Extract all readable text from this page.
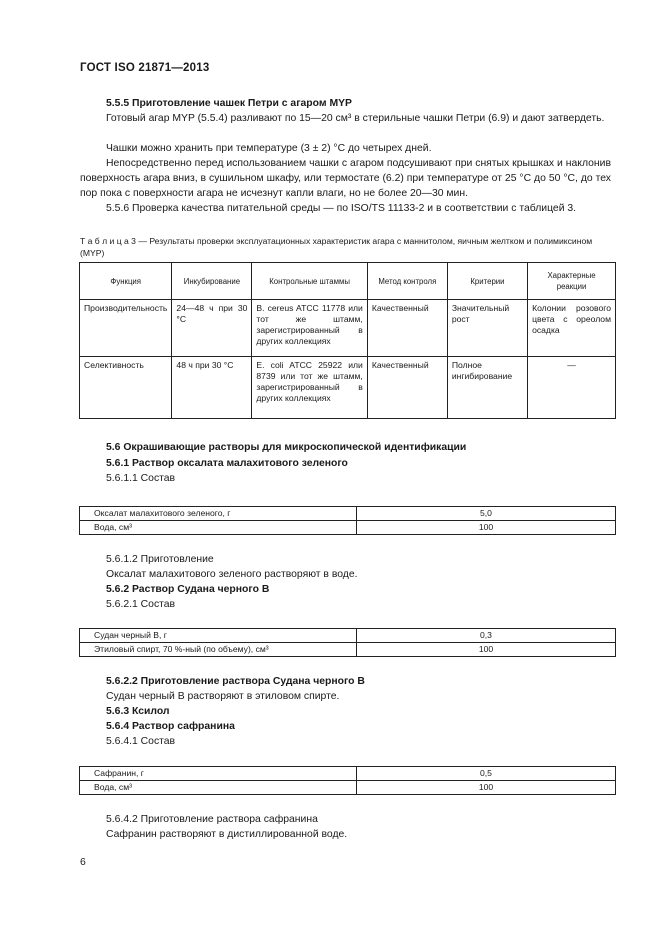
ГОСТ ISO 21871—2013
5.5.5 Приготовление чашек Петри с агаром MYP
Готовый агар MYP (5.5.4) разливают по 15—20 см³ в стерильные чашки Петри (6.9) и дают затвердеть.
Чашки можно хранить при температуре (3 ± 2) °C до четырех дней.
Непосредственно перед использованием чашки с агаром подсушивают при снятых крышках и наклонив поверхность агара вниз, в сушильном шкафу, или термостате (6.2) при температуре от 25 °C до 50 °C, до тех пор пока с поверхности агара не исчезнут капли влаги, но не более 20—30 мин.
5.5.6 Проверка качества питательной среды — по ISO/TS 11133-2 и в соответствии с таблицей 3.
Т а б л и ц а 3 — Результаты проверки эксплуатационных характеристик агара с маннитолом, яичным желтком и полимиксином (MYP)
Функция	Инкубирование	Контрольные штаммы	Метод контроля	Критерии	Характерные реакции
Производительность	24—48 ч при 30 °С	B. cereus ATCC 11778 или тот же штамм, зарегистрированный в других коллекциях	Качественный	Значительный рост	Колонии розового цвета с ореолом осадка
Селективность	48 ч при 30 °С	E. coli ATCC 25922 или 8739 или тот же штамм, зарегистрированный в других коллекциях	Качественный	Полное ингибирование	—
5.6 Окрашивающие растворы для микроскопической идентификации
5.6.1 Раствор оксалата малахитового зеленого
5.6.1.1 Состав
Оксалат малахитового зеленого, г	5,0
Вода, см³	100
5.6.1.2 Приготовление
Оксалат малахитового зеленого растворяют в воде.
5.6.2 Раствор Судана черного В
5.6.2.1 Состав
Судан черный В, г	0,3
Этиловый спирт, 70 %-ный (по объему), см³	100
5.6.2.2 Приготовление раствора Судана черного В
Судан черный В растворяют в этиловом спирте.
5.6.3 Ксилол
5.6.4 Раствор сафранина
5.6.4.1 Состав
Сафранин, г	0,5
Вода, см³	100
5.6.4.2 Приготовление раствора сафранина
Сафранин растворяют в дистиллированной воде.
6
